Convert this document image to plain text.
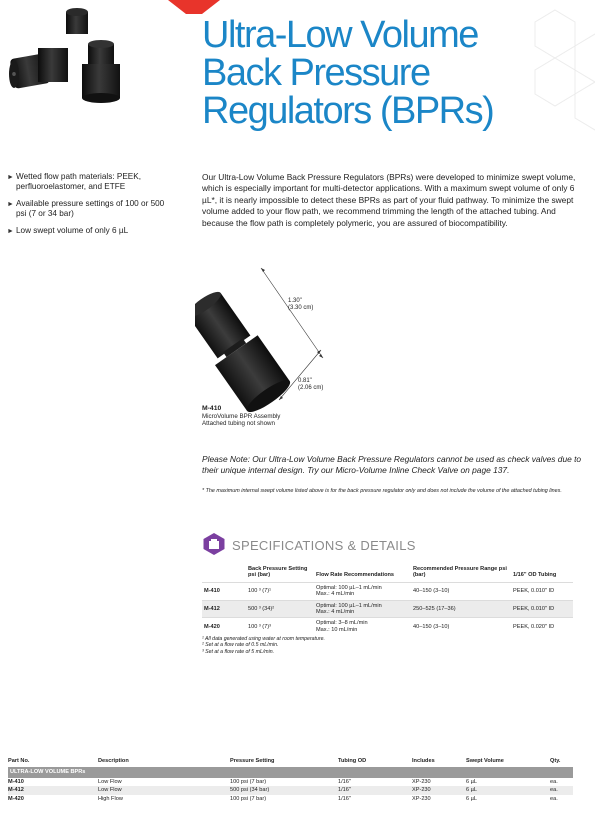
Ultra-Low Volume
Back Pressure
Regulators (BPRs)
► Wetted flow path materials: PEEK, perfluoroelastomer, and ETFE
► Available pressure settings of 100 or 500 psi (7 or 34 bar)
► Low swept volume of only 6 µL

Our Ultra-Low Volume Back Pressure Regulators (BPRs) were developed to minimize swept volume, which is especially important for multi-detector applications. With a maximum swept volume of only 6 µL*, it is nearly impossible to detect these BPRs as part of your fluid pathway. To minimize the swept volume added to your flow path, we recommend trimming the length of the attached tubing. And because the flow path is completely polymeric, you are assured of biocompatibility.

1.30"
(3.30 cm)
0.81"
(2.06 cm)
M-410
MicroVolume BPR Assembly
Attached tubing not shown

Please Note: Our Ultra-Low Volume Back Pressure Regulators cannot be used as check valves due to their unique internal design. Try our Micro-Volume Inline Check Valve on page 137.

* The maximum internal swept volume listed above is for the back pressure regulator only and does not include the volume of the attached tubing lines.

SPECIFICATIONS & DETAILS
	Back Pressure Setting psi (bar)	Flow Rate Recommendations	Recommended Pressure Range psi (bar)	1/16" OD Tubing
M-410	100 ³ (7)¹	Optimal: 100 µL–1 mL/min
Max.: 4 mL/min	40–150 (3–10)	PEEK, 0.010" ID
M-412	500 ³ (34)²	Optimal: 100 µL–1 mL/min
Max.: 4 mL/min	250–525 (17–36)	PEEK, 0.010" ID
M-420	100 ³ (7)³	Optimal: 3–8 mL/min
Max.: 10 mL/min	40–150 (3–10)	PEEK, 0.020" ID
¹ All data generated using water at room temperature.
² Set at a flow rate of 0.5 mL/min.
³ Set at a flow rate of 5 mL/min.
Part No.	Description	Pressure Setting	Tubing OD	Includes	Swept Volume	Qty.
ULTRA-LOW VOLUME BPRs						
M-410	Low Flow	100 psi (7 bar)	1/16"	XP-230	6 µL	ea.
M-412	Low Flow	500 psi (34 bar)	1/16"	XP-230	6 µL	ea.
M-420	High Flow	100 psi (7 bar)	1/16"	XP-230	6 µL	ea.
